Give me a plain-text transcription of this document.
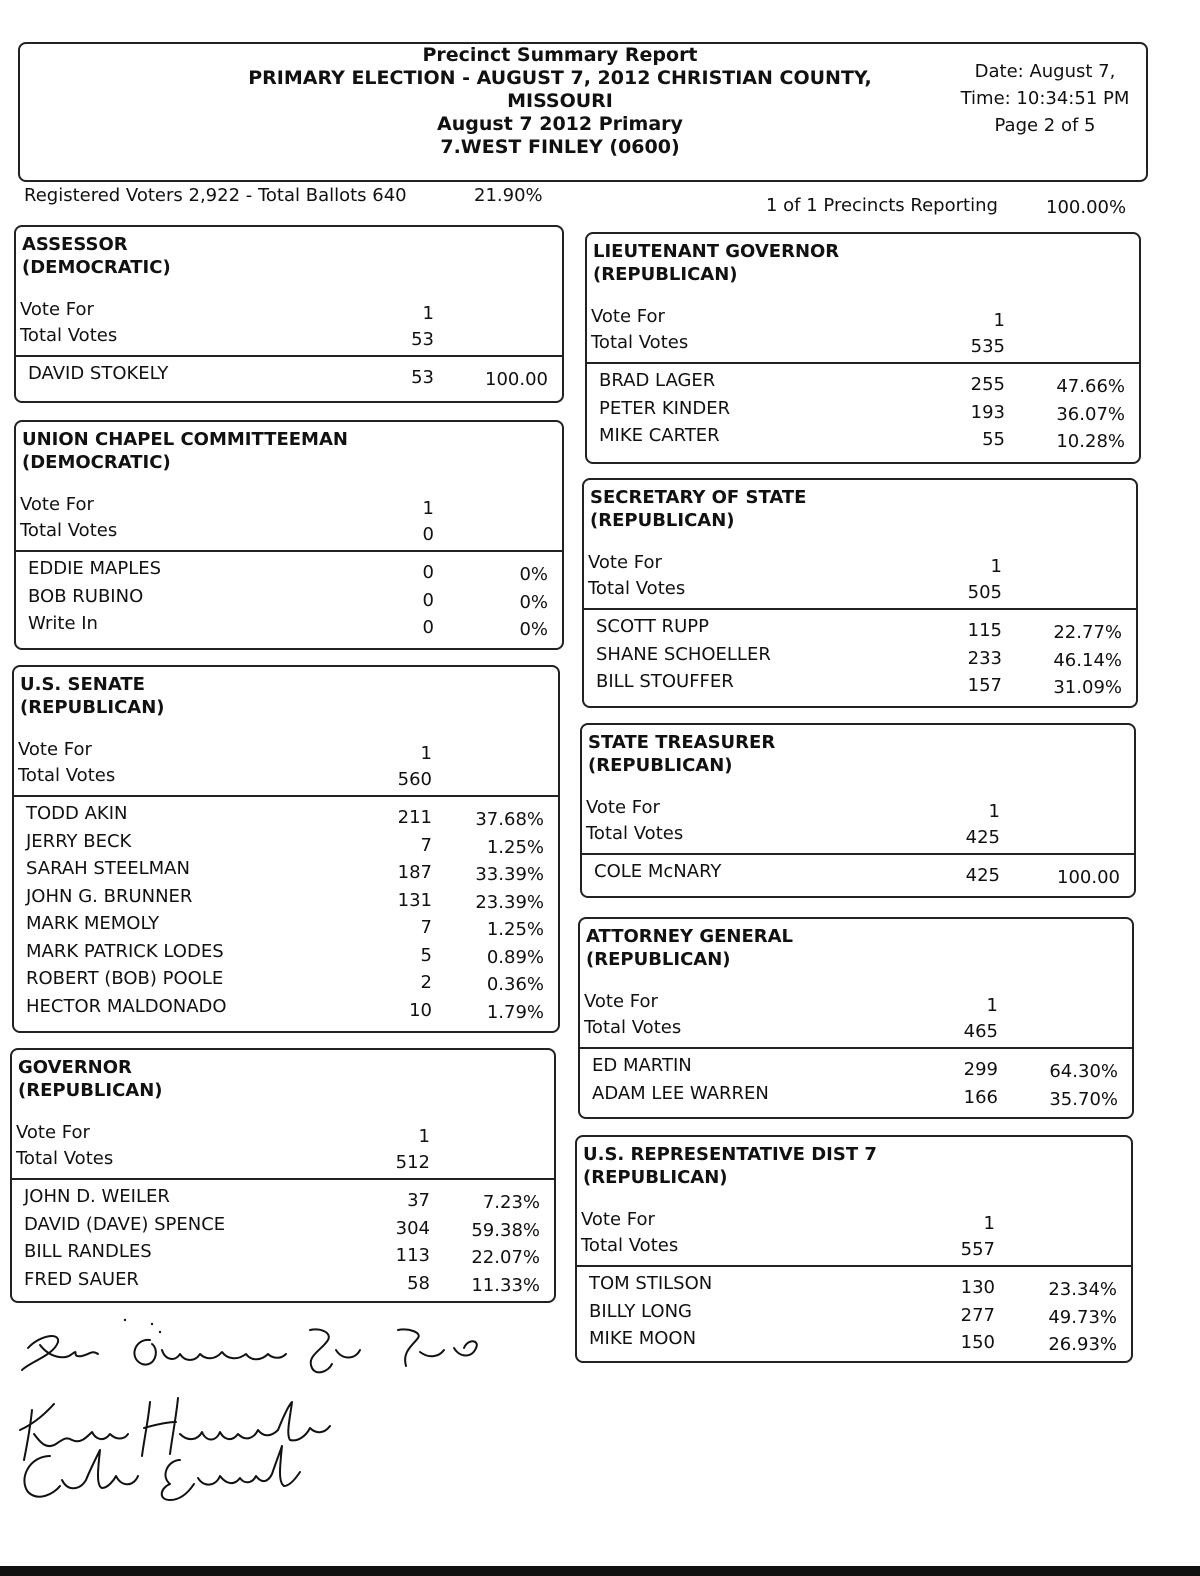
Precinct Summary Report
PRIMARY ELECTION - AUGUST 7, 2012 CHRISTIAN COUNTY,
MISSOURI
August 7 2012 Primary
7.WEST FINLEY (0600)
Date: August 7,
Time: 10:34:51 PM
Page 2 of 5
Registered Voters 2,922 - Total Ballots 640	21.90%	1 of 1 Precincts Reporting	100.00%
ASSESSOR
(DEMOCRATIC)
Vote For	1
Total Votes	53
DAVID STOKELY	53	100.00
UNION CHAPEL COMMITTEEMAN
(DEMOCRATIC)
Vote For	1
Total Votes	0
EDDIE MAPLES	0	0%
BOB RUBINO	0	0%
Write In	0	0%
U.S. SENATE
(REPUBLICAN)
Vote For	1
Total Votes	560
TODD AKIN	211 37.68%
JERRY BECK	7	1.25%
SARAH STEELMAN	187 33.39%
JOHN G. BRUNNER	131 23.39%
MARK MEMOLY	7	1.25%
MARK PATRICK LODES	5	0.89%
ROBERT (BOB) POOLE	2	0.36%
HECTOR MALDONADO	10	1.79%
GOVERNOR
(REPUBLICAN)
Vote For	1
Total Votes	512
JOHN D. WEILER	37	7.23%
DAVID (DAVE) SPENCE	304 59.38%
BILL RANDLES	113 22.07%
FRED SAUER	58 11.33%
LIEUTENANT GOVERNOR
(REPUBLICAN)
Vote For	1
Total Votes	535
BRAD LAGER	255	47.66%
PETER KINDER	193	36.07%
MIKE CARTER	55	10.28%
SECRETARY OF STATE
(REPUBLICAN)
Vote For	1
Total Votes	505
SCOTT RUPP	115	22.77%
SHANE SCHOELLER	233	46.14%
BILL STOUFFER	157	31.09%
STATE TREASURER
(REPUBLICAN)
Vote For	1
Total Votes	425
COLE McNARY	425	100.00
ATTORNEY GENERAL
(REPUBLICAN)
Vote For	1
Total Votes	465
ED MARTIN	299	64.30%
ADAM LEE WARREN	166	35.70%
U.S. REPRESENTATIVE DIST 7
(REPUBLICAN)
Vote For	1
Total Votes	557
TOM STILSON	130	23.34%
BILLY LONG	277	49.73%
MIKE MOON	150	26.93%
